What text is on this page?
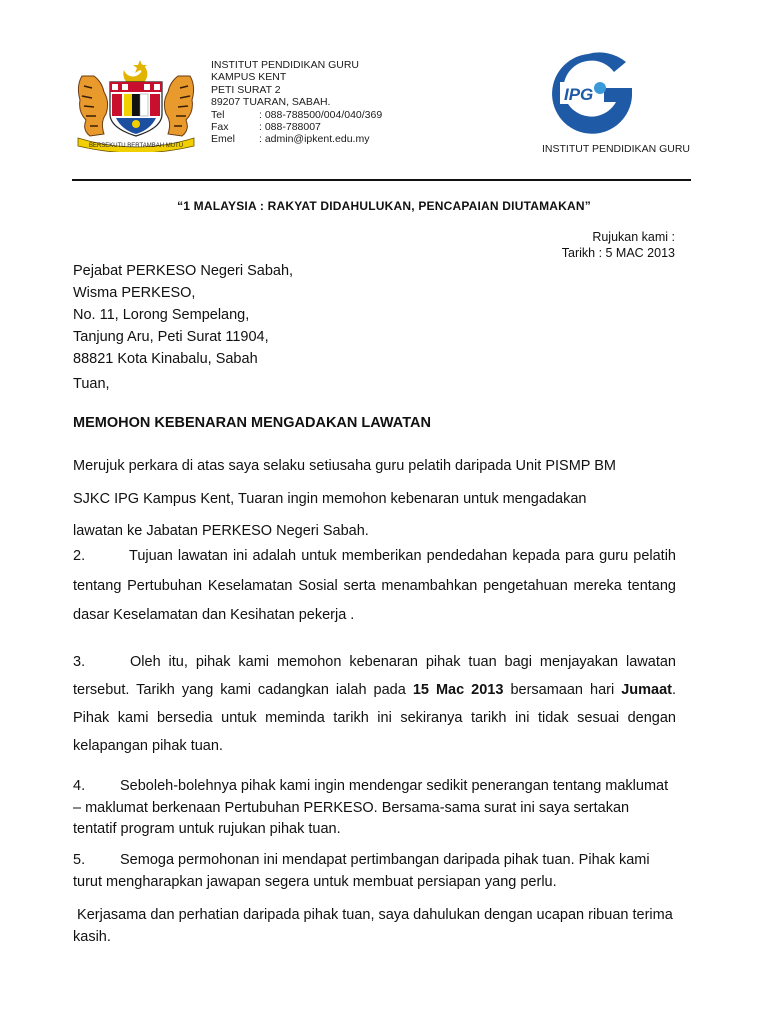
BERSEKUTU BERTAMBAH MUTU
INSTITUT PENDIDIKAN GURU
KAMPUS KENT
PETI SURAT 2
89207 TUARAN, SABAH.
Tel	: 088-788500/004/040/369
Fax	: 088-788007
Emel : admin@ipkent.edu.my
IPG
INSTITUT PENDIDIKAN GURU
“1 MALAYSIA : RAKYAT DIDAHULUKAN, PENCAPAIAN DIUTAMAKAN”
Rujukan kami :
Tarikh : 5 MAC 2013
Pejabat PERKESO Negeri Sabah,
Wisma PERKESO,
No. 11, Lorong Sempelang,
Tanjung Aru, Peti Surat 11904,
88821 Kota Kinabalu, Sabah
Tuan,
MEMOHON KEBENARAN MENGADAKAN LAWATAN
Merujuk perkara di atas saya selaku setiusaha guru pelatih daripada Unit PISMP BM
SJKC IPG Kampus Kent, Tuaran ingin memohon kebenaran untuk mengadakan
lawatan ke Jabatan PERKESO Negeri Sabah.
2.	Tujuan lawatan ini adalah untuk memberikan pendedahan kepada para guru pelatih tentang Pertubuhan Keselamatan Sosial serta menambahkan pengetahuan mereka tentang dasar Keselamatan dan Kesihatan pekerja .
3.	Oleh itu, pihak kami memohon kebenaran pihak tuan bagi menjayakan lawatan tersebut. Tarikh yang kami cadangkan ialah pada 15 Mac 2013 bersamaan hari Jumaat. Pihak kami bersedia untuk meminda tarikh ini sekiranya tarikh ini tidak sesuai dengan kelapangan pihak tuan.
4. Seboleh-bolehnya pihak kami ingin mendengar sedikit penerangan tentang maklumat – maklumat berkenaan Pertubuhan PERKESO. Bersama-sama surat ini saya sertakan tentatif program untuk rujukan pihak tuan.
5. Semoga permohonan ini mendapat pertimbangan daripada pihak tuan. Pihak kami turut mengharapkan jawapan segera untuk membuat persiapan yang perlu.
Kerjasama dan perhatian daripada pihak tuan, saya dahulukan dengan ucapan ribuan terima kasih.
